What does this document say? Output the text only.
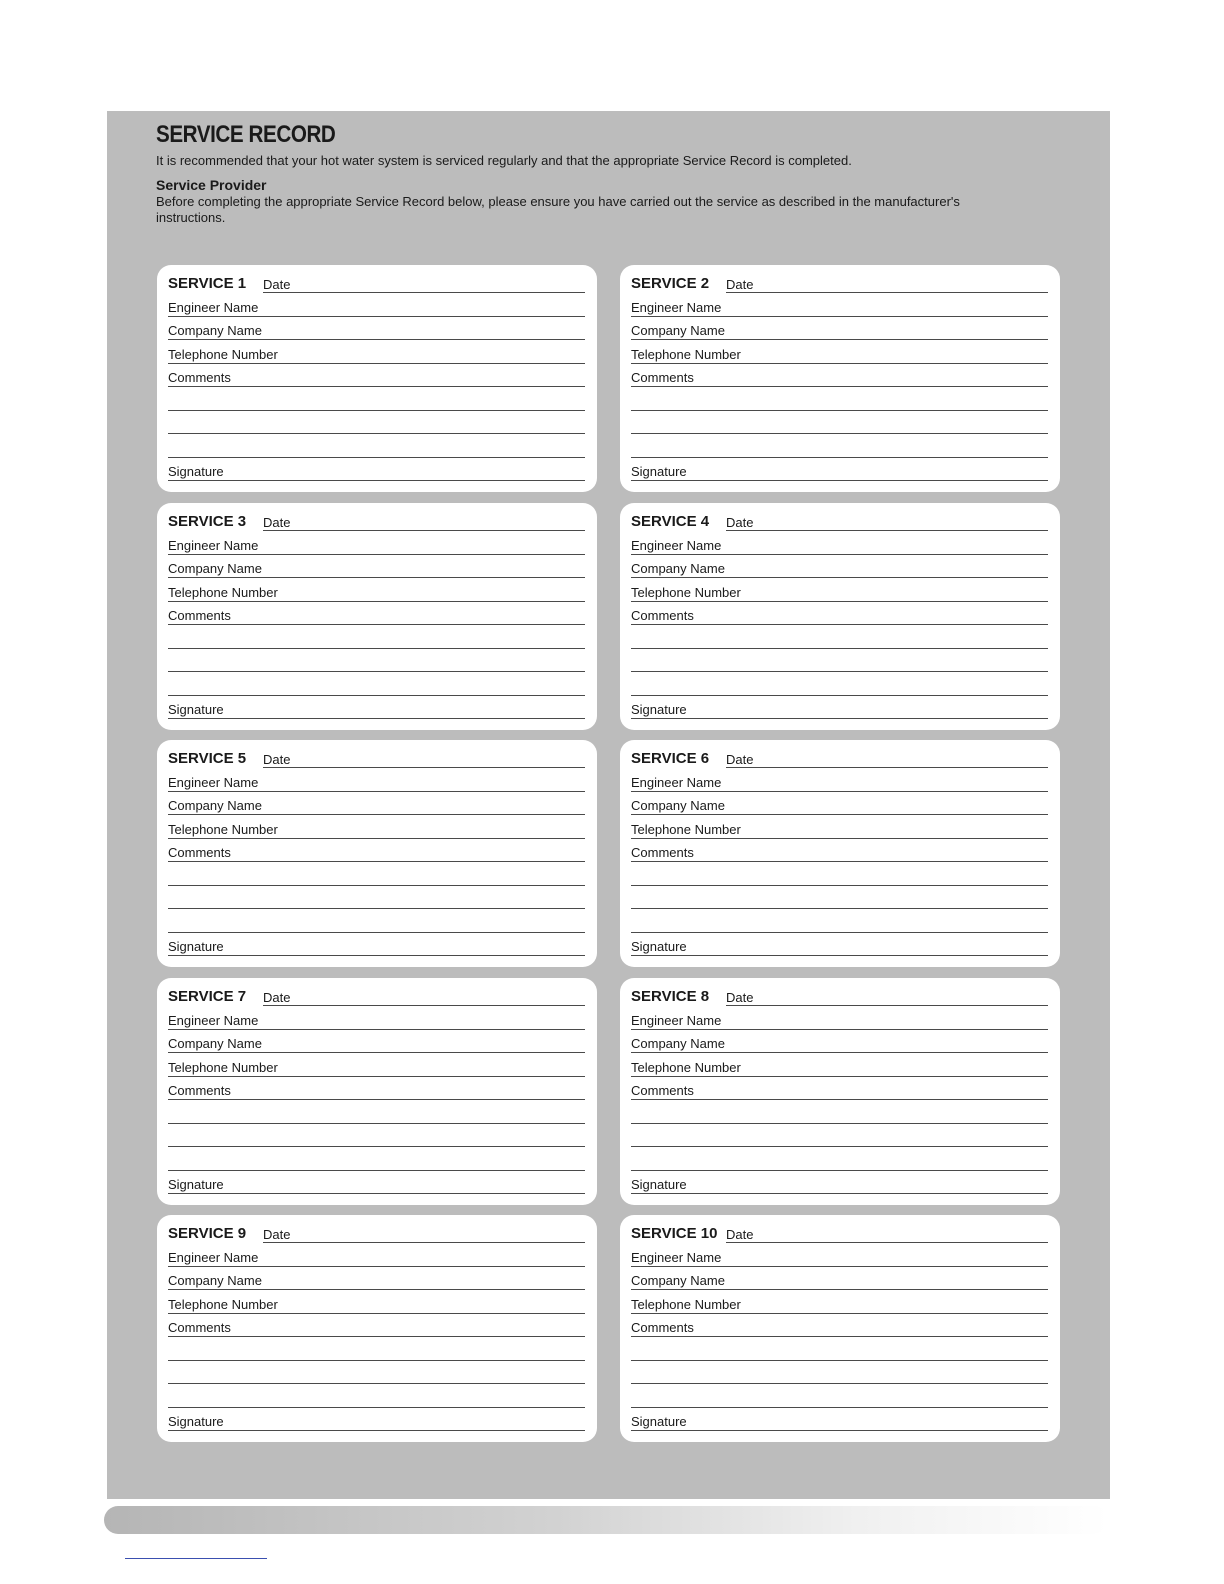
SERVICE RECORD
It is recommended that your hot water system is serviced regularly and that the appropriate Service Record is completed.
Service Provider
Before completing the appropriate Service Record below, please ensure you have carried out the service as described in the manufacturer's instructions.
SERVICE 1 Date
Engineer Name
Company Name
Telephone Number
Comments
Signature
SERVICE 2 Date
Engineer Name
Company Name
Telephone Number
Comments
Signature
SERVICE 3 Date
Engineer Name
Company Name
Telephone Number
Comments
Signature
SERVICE 4 Date
Engineer Name
Company Name
Telephone Number
Comments
Signature
SERVICE 5 Date
Engineer Name
Company Name
Telephone Number
Comments
Signature
SERVICE 6 Date
Engineer Name
Company Name
Telephone Number
Comments
Signature
SERVICE 7 Date
Engineer Name
Company Name
Telephone Number
Comments
Signature
SERVICE 8 Date
Engineer Name
Company Name
Telephone Number
Comments
Signature
SERVICE 9 Date
Engineer Name
Company Name
Telephone Number
Comments
Signature
SERVICE 10 Date
Engineer Name
Company Name
Telephone Number
Comments
Signature
